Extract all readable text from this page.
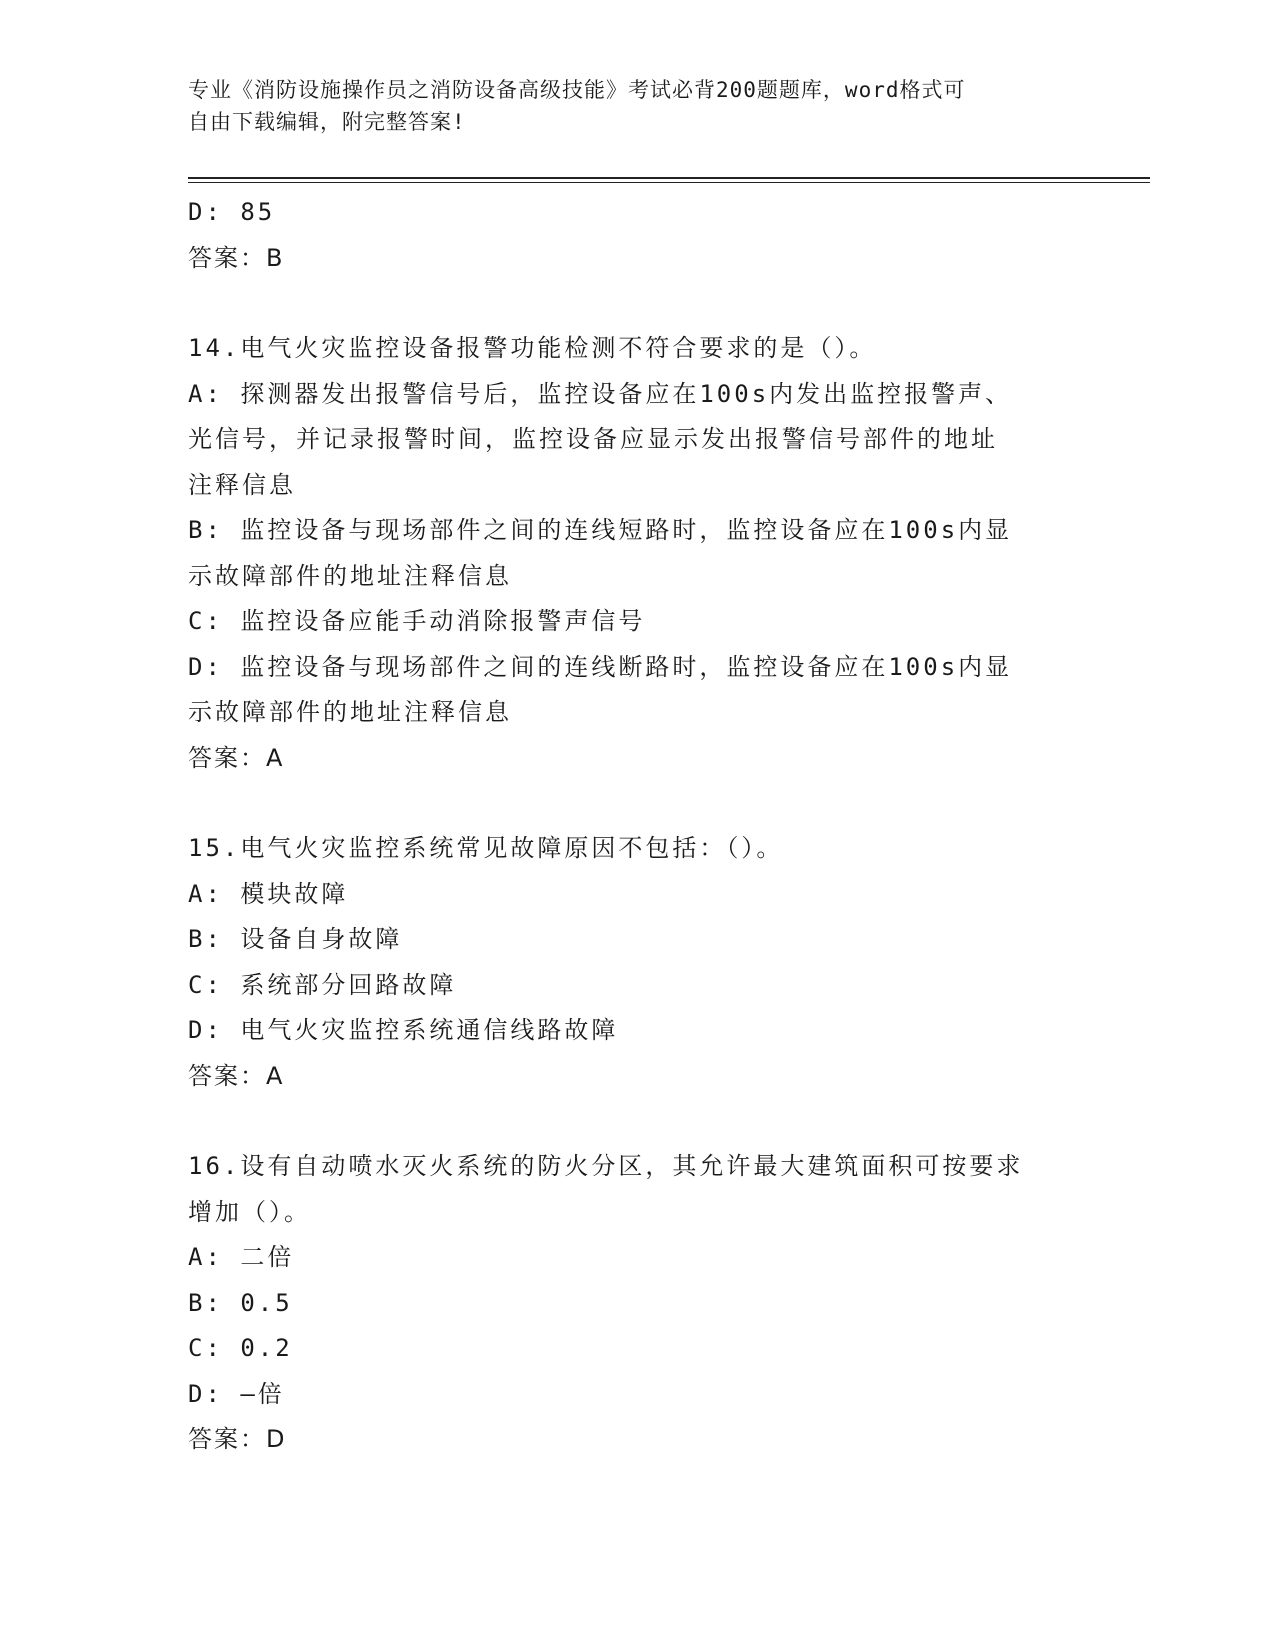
专业《消防设施操作员之消防设备高级技能》考试必背200题题库，word格式可
自由下载编辑，附完整答案!
D: 85
答案：B
14.电气火灾监控设备报警功能检测不符合要求的是（）。
A: 探测器发出报警信号后，监控设备应在100s内发出监控报警声、
光信号，并记录报警时间，监控设备应显示发出报警信号部件的地址
注释信息
B: 监控设备与现场部件之间的连线短路时，监控设备应在100s内显
示故障部件的地址注释信息
C: 监控设备应能手动消除报警声信号
D: 监控设备与现场部件之间的连线断路时，监控设备应在100s内显
示故障部件的地址注释信息
答案：A
15.电气火灾监控系统常见故障原因不包括：（）。
A: 模块故障
B: 设备自身故障
C: 系统部分回路故障
D: 电气火灾监控系统通信线路故障
答案：A
16.设有自动喷水灭火系统的防火分区，其允许最大建筑面积可按要求
增加（）。
A: 二倍
B: 0.5
C: 0.2
D: —倍
答案：D
